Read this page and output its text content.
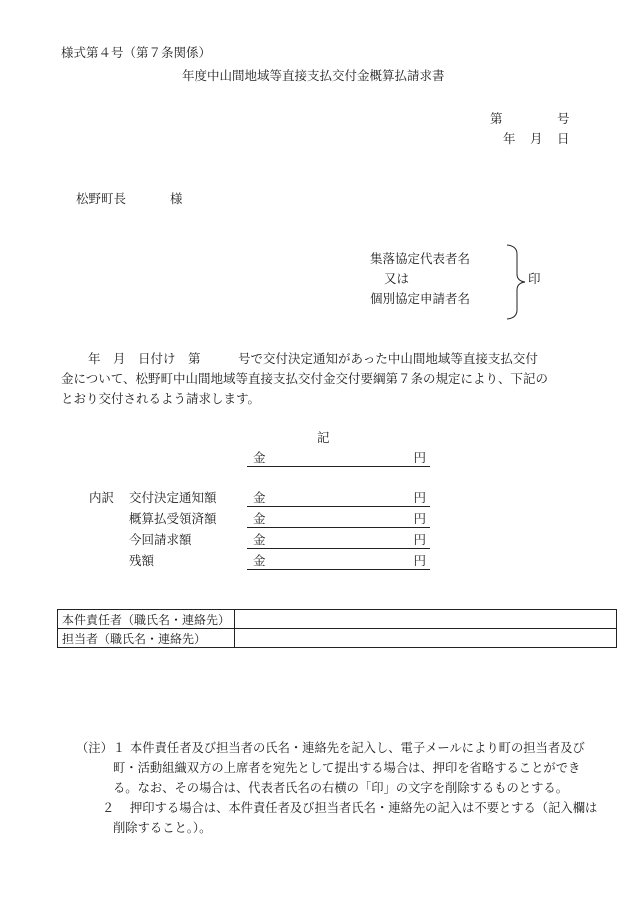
様式第４号（第７条関係）
年度中山間地域等直接支払交付金概算払請求書
第	号
年 月 日
松野町長	様
集落協定代表者名
又は
個別協定申請者名
印
年　月　日付け　第　　　号で交付決定通知があった中山間地域等直接支払交付
金について、松野町中山間地域等直接支払交付金交付要綱第７条の規定により、下記の
とおり交付されるよう請求します。
記
金	円
内訳 交付決定通知額	金	円
概算払受領済額	金	円
今回請求額	金	円
残額	金	円
本件責任者（職氏名・連絡先）	
担当者（職氏名・連絡先）	
（注）１ 本件責任者及び担当者の氏名・連絡先を記入し、電子メールにより町の担当者及び
町・活動組織双方の上席者を宛先として提出する場合は、押印を省略することができ
る。なお、その場合は、代表者氏名の右横の「印」の文字を削除するものとする。
２	押印する場合は、本件責任者及び担当者氏名・連絡先の記入は不要とする（記入欄は
削除すること。）。
